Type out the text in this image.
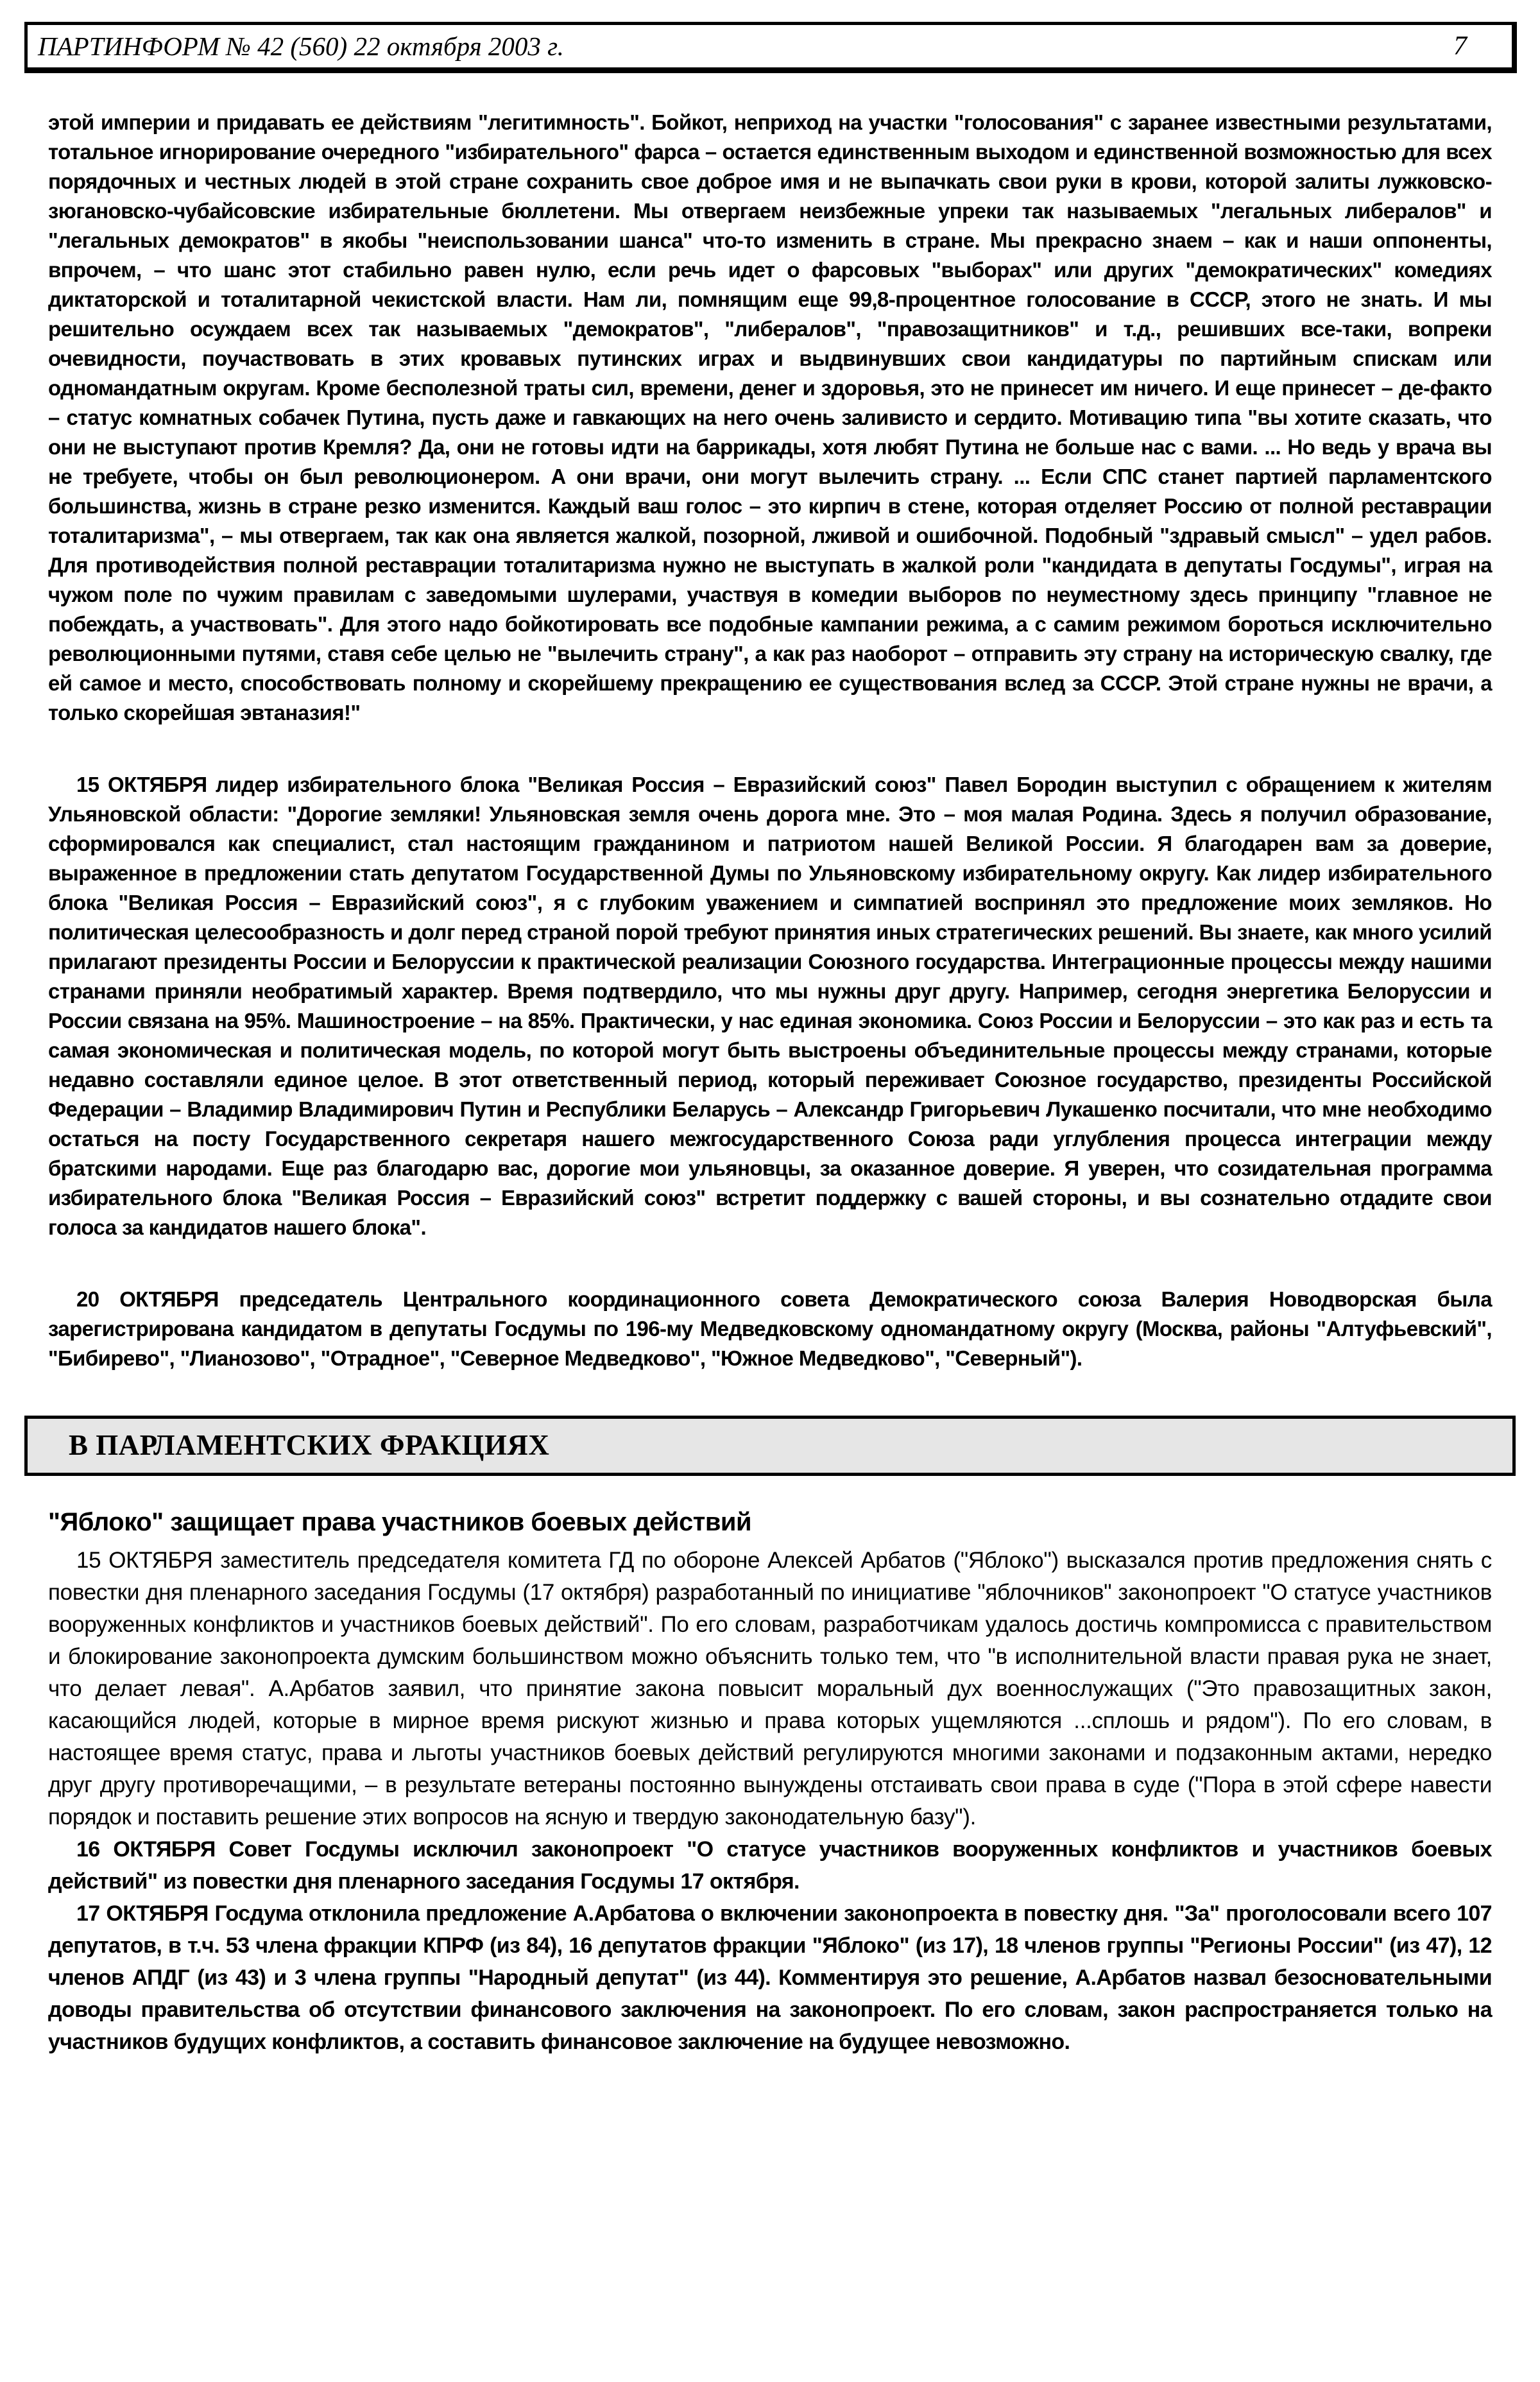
ПАРТИНФОРМ № 42 (560) 22 октября 2003 г.	7

этой империи и придавать ее действиям "легитимность". Бойкот, неприход на участки "голосования" с заранее известными результатами, тотальное игнорирование очередного "избирательного" фарса – остается единственным выходом и единственной возможностью для всех порядочных и честных людей в этой стране сохранить свое доброе имя и не выпачкать свои руки в крови, которой залиты лужковско-зюгановско-чубайсовские избирательные бюллетени. Мы отвергаем неизбежные упреки так называемых "легальных либералов" и "легальных демократов" в якобы "неиспользовании шанса" что-то изменить в стране. Мы прекрасно знаем – как и наши оппоненты, впрочем, – что шанс этот стабильно равен нулю, если речь идет о фарсовых "выборах" или других "демократических" комедиях диктаторской и тоталитарной чекистской власти. Нам ли, помнящим еще 99,8-процентное голосование в СССР, этого не знать. И мы решительно осуждаем всех так называемых "демократов", "либералов", "правозащитников" и т.д., решивших все-таки, вопреки очевидности, поучаствовать в этих кровавых путинских играх и выдвинувших свои кандидатуры по партийным спискам или одномандатным округам. Кроме бесполезной траты сил, времени, денег и здоровья, это не принесет им ничего. И еще принесет – де-факто – статус комнатных собачек Путина, пусть даже и гавкающих на него очень заливисто и сердито. Мотивацию типа "вы хотите сказать, что они не выступают против Кремля? Да, они не готовы идти на баррикады, хотя любят Путина не больше нас с вами. ... Но ведь у врача вы не требуете, чтобы он был революционером. А они врачи, они могут вылечить страну. ... Если СПС станет партией парламентского большинства, жизнь в стране резко изменится. Каждый ваш голос – это кирпич в стене, которая отделяет Россию от полной реставрации тоталитаризма", – мы отвергаем, так как она является жалкой, позорной, лживой и ошибочной. Подобный "здравый смысл" – удел рабов. Для противодействия полной реставрации тоталитаризма нужно не выступать в жалкой роли "кандидата в депутаты Госдумы", играя на чужом поле по чужим правилам с заведомыми шулерами, участвуя в комедии выборов по неуместному здесь принципу "главное не побеждать, а участвовать". Для этого надо бойкотировать все подобные кампании режима, а с самим режимом бороться исключительно революционными путями, ставя себе целью не "вылечить страну", а как раз наоборот – отправить эту страну на историческую свалку, где ей самое и место, способствовать полному и скорейшему прекращению ее существования вслед за СССР. Этой стране нужны не врачи, а только скорейшая эвтаназия!"

15 ОКТЯБРЯ лидер избирательного блока "Великая Россия – Евразийский союз" Павел Бородин выступил с обращением к жителям Ульяновской области: "Дорогие земляки! Ульяновская земля очень дорога мне. Это – моя малая Родина. Здесь я получил образование, сформировался как специалист, стал настоящим гражданином и патриотом нашей Великой России. Я благодарен вам за доверие, выраженное в предложении стать депутатом Государственной Думы по Ульяновскому избирательному округу. Как лидер избирательного блока "Великая Россия – Евразийский союз", я с глубоким уважением и симпатией воспринял это предложение моих земляков. Но политическая целесообразность и долг перед страной порой требуют принятия иных стратегических решений. Вы знаете, как много усилий прилагают президенты России и Белоруссии к практической реализации Союзного государства. Интеграционные процессы между нашими странами приняли необратимый характер. Время подтвердило, что мы нужны друг другу. Например, сегодня энергетика Белоруссии и России связана на 95%. Машиностроение – на 85%. Практически, у нас единая экономика. Союз России и Белоруссии – это как раз и есть та самая экономическая и политическая модель, по которой могут быть выстроены объединительные процессы между странами, которые недавно составляли единое целое. В этот ответственный период, который переживает Союзное государство, президенты Российской Федерации – Владимир Владимирович Путин и Республики Беларусь – Александр Григорьевич Лукашенко посчитали, что мне необходимо остаться на посту Государственного секретаря нашего межгосударственного Союза ради углубления процесса интеграции между братскими народами. Еще раз благодарю вас, дорогие мои ульяновцы, за оказанное доверие. Я уверен, что созидательная программа избирательного блока "Великая Россия – Евразийский союз" встретит поддержку с вашей стороны, и вы сознательно отдадите свои голоса за кандидатов нашего блока".

20 ОКТЯБРЯ председатель Центрального координационного совета Демократического союза Валерия Новодворская была зарегистрирована кандидатом в депутаты Госдумы по 196-му Медведковскому одномандатному округу (Москва, районы "Алтуфьевский", "Бибирево", "Лианозово", "Отрадное", "Северное Медведково", "Южное Медведково", "Северный").

В ПАРЛАМЕНТСКИХ ФРАКЦИЯХ
"Яблоко" защищает права участников боевых действий

15 ОКТЯБРЯ заместитель председателя комитета ГД по обороне Алексей Арбатов ("Яблоко") высказался против предложения снять с повестки дня пленарного заседания Госдумы (17 октября) разработанный по инициативе "яблочников" законопроект "О статусе участников вооруженных конфликтов и участников боевых действий". По его словам, разработчикам удалось достичь компромисса с правительством и блокирование законопроекта думским большинством можно объяснить только тем, что "в исполнительной власти правая рука не знает, что делает левая". А.Арбатов заявил, что принятие закона повысит моральный дух военнослужащих ("Это правозащитных закон, касающийся людей, которые в мирное время рискуют жизнью и права которых ущемляются ...сплошь и рядом"). По его словам, в настоящее время статус, права и льготы участников боевых действий регулируются многими законами и подзаконным актами, нередко друг другу противоречащими, – в результате ветераны постоянно вынуждены отстаивать свои права в суде ("Пора в этой сфере навести порядок и поставить решение этих вопросов на ясную и твердую законодательную базу").

16 ОКТЯБРЯ Совет Госдумы исключил законопроект "О статусе участников вооруженных конфликтов и участников боевых действий" из повестки дня пленарного заседания Госдумы 17 октября.

17 ОКТЯБРЯ Госдума отклонила предложение А.Арбатова о включении законопроекта в повестку дня. "За" проголосовали всего 107 депутатов, в т.ч. 53 члена фракции КПРФ (из 84), 16 депутатов фракции "Яблоко" (из 17), 18 членов группы "Регионы России" (из 47), 12 членов АПДГ (из 43) и 3 члена группы "Народный депутат" (из 44). Комментируя это решение, А.Арбатов назвал безосновательными доводы правительства об отсутствии финансового заключения на законопроект. По его словам, закон распространяется только на участников будущих конфликтов, а составить финансовое заключение на будущее невозможно.
